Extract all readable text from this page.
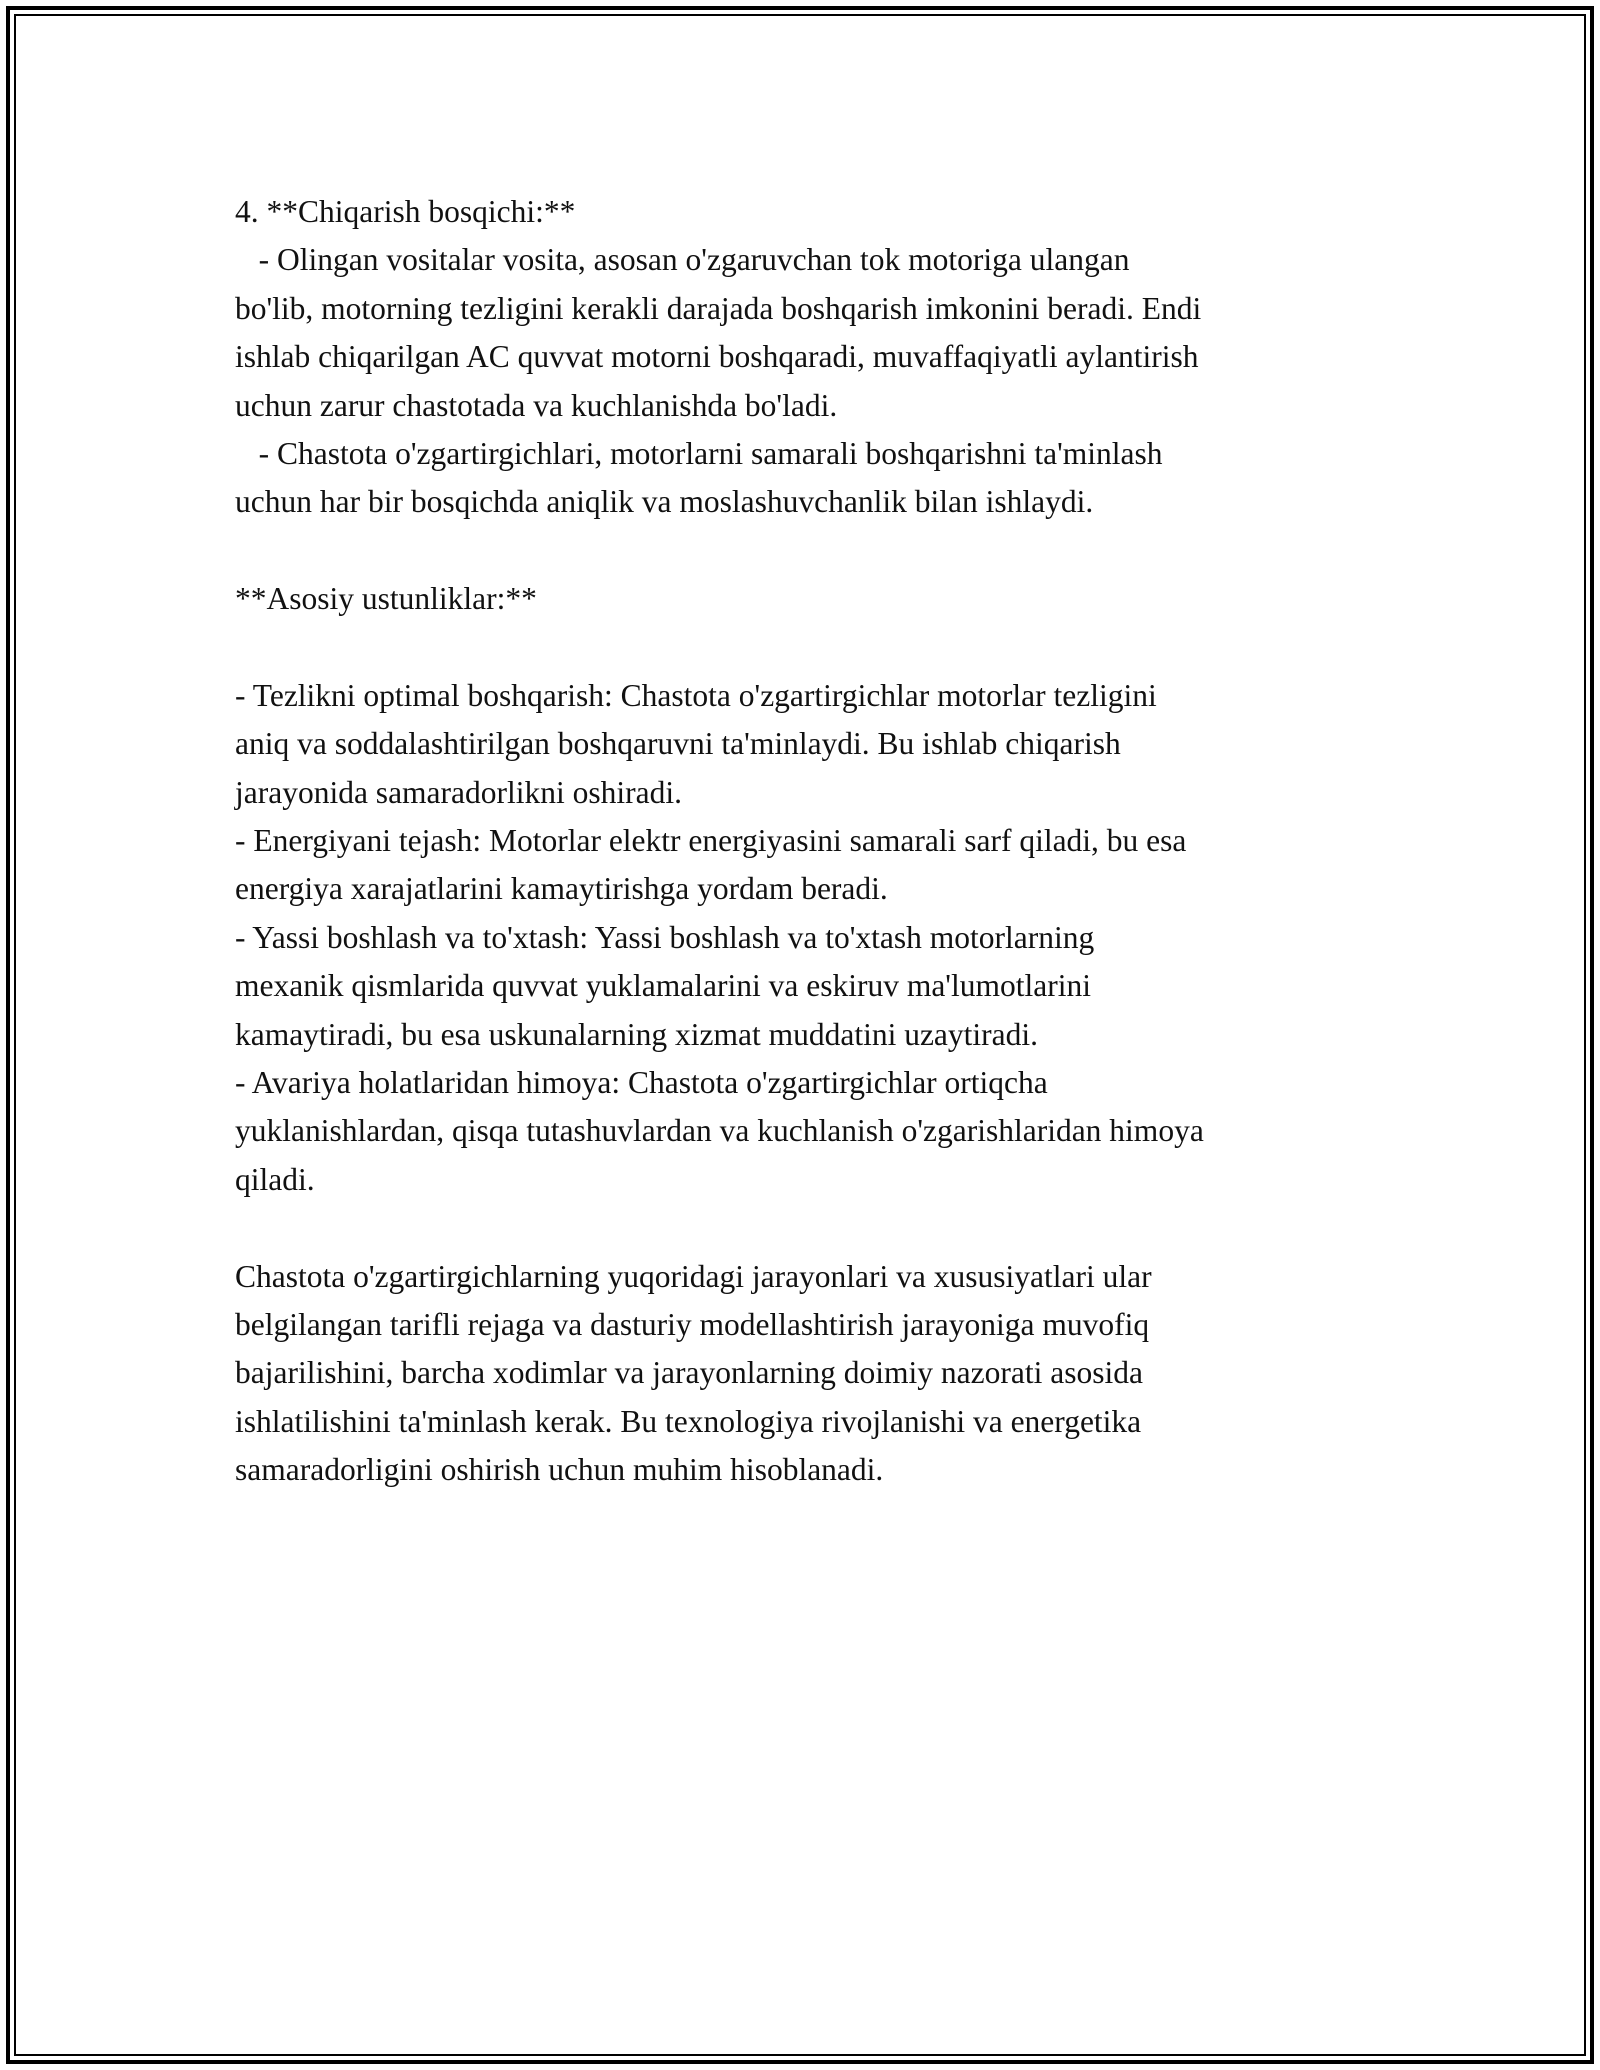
4. **Chiqarish bosqichi:**
- Olingan vositalar vosita, asosan o'zgaruvchan tok motoriga ulangan
bo'lib, motorning tezligini kerakli darajada boshqarish imkonini beradi. Endi
ishlab chiqarilgan AC quvvat motorni boshqaradi, muvaffaqiyatli aylantirish
uchun zarur chastotada va kuchlanishda bo'ladi.
- Chastota o'zgartirgichlari, motorlarni samarali boshqarishni ta'minlash
uchun har bir bosqichda aniqlik va moslashuvchanlik bilan ishlaydi.
**Asosiy ustunliklar:**
- Tezlikni optimal boshqarish: Chastota o'zgartirgichlar motorlar tezligini
aniq va soddalashtirilgan boshqaruvni ta'minlaydi. Bu ishlab chiqarish
jarayonida samaradorlikni oshiradi.
- Energiyani tejash: Motorlar elektr energiyasini samarali sarf qiladi, bu esa
energiya xarajatlarini kamaytirishga yordam beradi.
- Yassi boshlash va to'xtash: Yassi boshlash va to'xtash motorlarning
mexanik qismlarida quvvat yuklamalarini va eskiruv ma'lumotlarini
kamaytiradi, bu esa uskunalarning xizmat muddatini uzaytiradi.
- Avariya holatlaridan himoya: Chastota o'zgartirgichlar ortiqcha
yuklanishlardan, qisqa tutashuvlardan va kuchlanish o'zgarishlaridan himoya
qiladi.
Chastota o'zgartirgichlarning yuqoridagi jarayonlari va xususiyatlari ular
belgilangan tarifli rejaga va dasturiy modellashtirish jarayoniga muvofiq
bajarilishini, barcha xodimlar va jarayonlarning doimiy nazorati asosida
ishlatilishini ta'minlash kerak. Bu texnologiya rivojlanishi va energetika
samaradorligini oshirish uchun muhim hisoblanadi.
